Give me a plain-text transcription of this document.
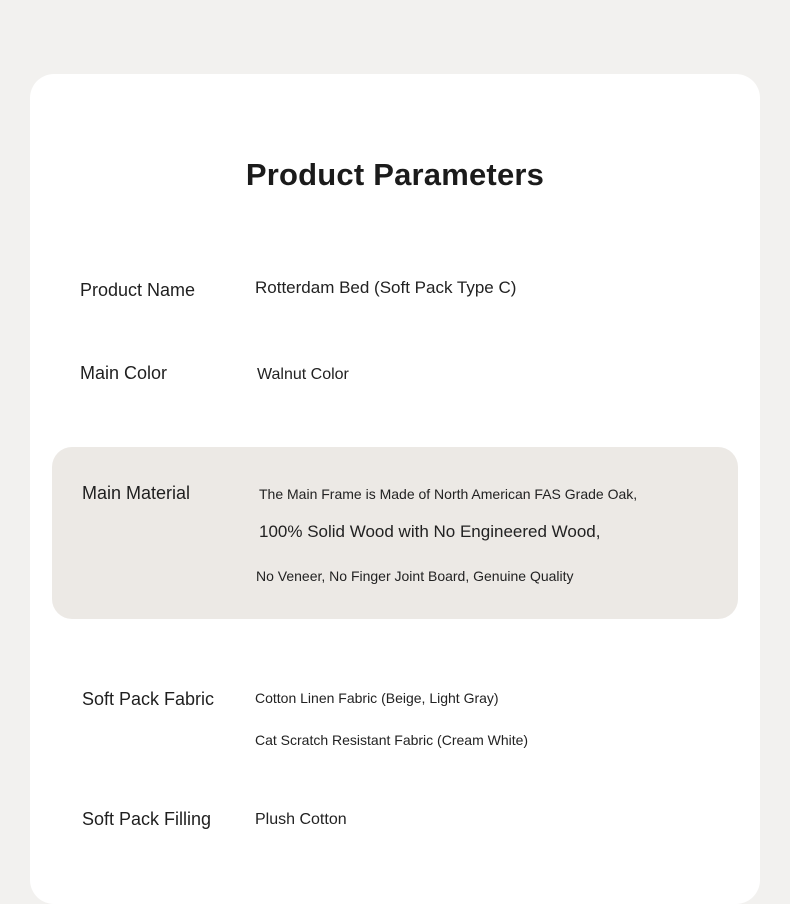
Product Parameters
Product Name	Rotterdam Bed (Soft Pack Type C)
Main Color	Walnut Color
Main Material	The Main Frame is Made of North American FAS Grade Oak,
100% Solid Wood with No Engineered Wood,
No Veneer, No Finger Joint Board, Genuine Quality
Soft Pack Fabric	Cotton Linen Fabric (Beige, Light Gray)
Cat Scratch Resistant Fabric (Cream White)
Soft Pack Filling	Plush Cotton
